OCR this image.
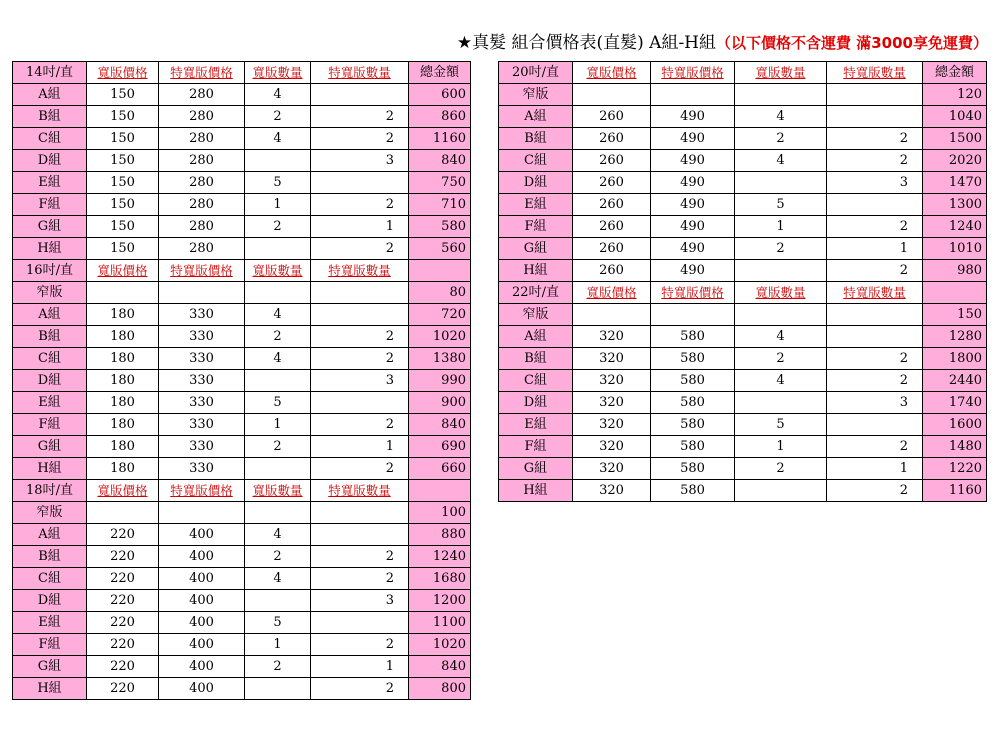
★真髮 組合價格表(直髮) A組-H組（以下價格不含運費 滿3000享免運費）
14吋/直	寬版價格	特寬版價格	寬版數量	特寬版數量	總金額
A組	150	280	4		600
B組	150	280	2	2	860
C組	150	280	4	2	1160
D組	150	280		3	840
E組	150	280	5		750
F組	150	280	1	2	710
G組	150	280	2	1	580
H組	150	280		2	560
16吋/直	寬版價格	特寬版價格	寬版數量	特寬版數量	
窄版					80
A組	180	330	4		720
B組	180	330	2	2	1020
C組	180	330	4	2	1380
D組	180	330		3	990
E組	180	330	5		900
F組	180	330	1	2	840
G組	180	330	2	1	690
H組	180	330		2	660
18吋/直	寬版價格	特寬版價格	寬版數量	特寬版數量	
窄版					100
A組	220	400	4		880
B組	220	400	2	2	1240
C組	220	400	4	2	1680
D組	220	400		3	1200
E組	220	400	5		1100
F組	220	400	1	2	1020
G組	220	400	2	1	840
H組	220	400		2	800
20吋/直	寬版價格	特寬版價格	寬版數量	特寬版數量	總金額
窄版					120
A組	260	490	4		1040
B組	260	490	2	2	1500
C組	260	490	4	2	2020
D組	260	490		3	1470
E組	260	490	5		1300
F組	260	490	1	2	1240
G組	260	490	2	1	1010
H組	260	490		2	980
22吋/直	寬版價格	特寬版價格	寬版數量	特寬版數量	
窄版					150
A組	320	580	4		1280
B組	320	580	2	2	1800
C組	320	580	4	2	2440
D組	320	580		3	1740
E組	320	580	5		1600
F組	320	580	1	2	1480
G組	320	580	2	1	1220
H組	320	580		2	1160
